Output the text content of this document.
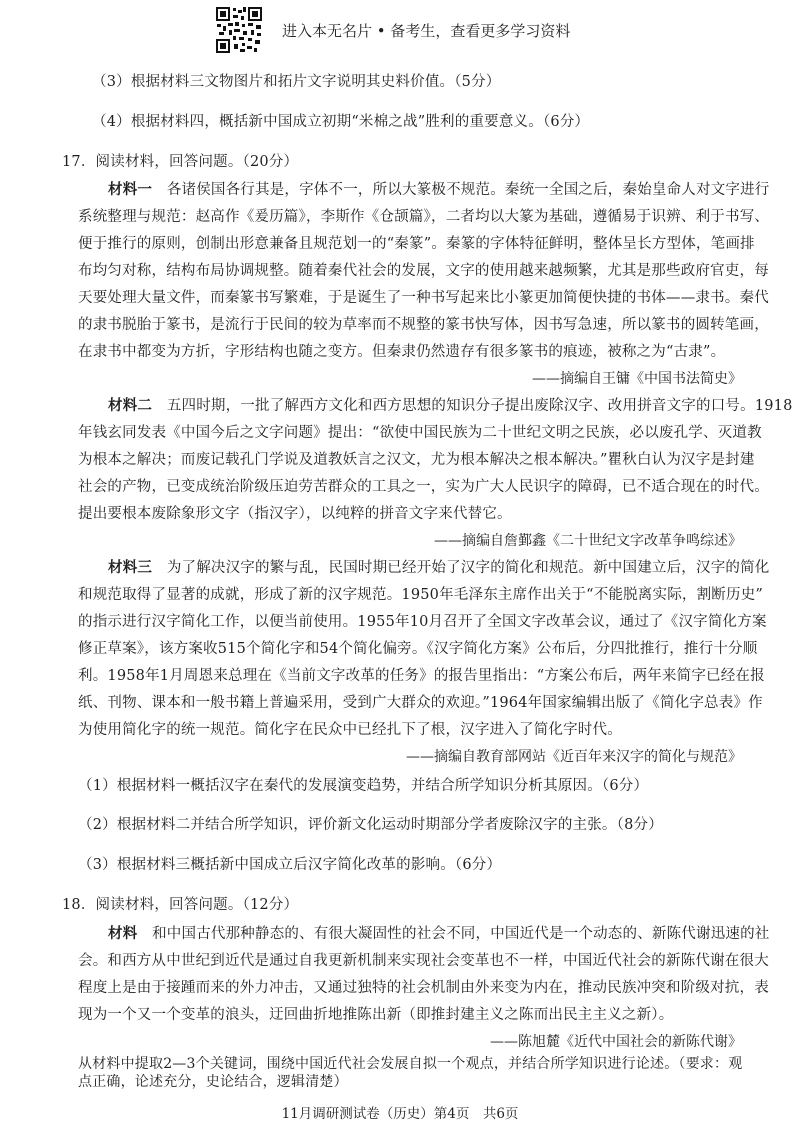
进入本无名片 • 备考生，查看更多学习资料
（3）根据材料三文物图片和拓片文字说明其史料价值。（5分）
（4）根据材料四，概括新中国成立初期“米棉之战”胜利的重要意义。（6分）
17．阅读材料，回答问题。（20分）
材料一　 各诸侯国各行其是，字体不一，所以大篆极不规范。秦统一全国之后，秦始皇命人对文字进行
系统整理与规范：赵高作《爰历篇》，李斯作《仓颉篇》，二者均以大篆为基础，遵循易于识辨、利于书写、
便于推行的原则，创制出形意兼备且规范划一的“秦篆”。秦篆的字体特征鲜明，整体呈长方型体，笔画排
布均匀对称，结构布局协调规整。随着秦代社会的发展，文字的使用越来越频繁，尤其是那些政府官吏，每
天要处理大量文件，而秦篆书写繁难，于是诞生了一种书写起来比小篆更加简便快捷的书体——隶书。秦代
的隶书脱胎于篆书，是流行于民间的较为草率而不规整的篆书快写体，因书写急速，所以篆书的圆转笔画，
在隶书中都变为方折，字形结构也随之变方。但秦隶仍然遗存有很多篆书的痕迹，被称之为“古隶”。
——摘编自王镛《中国书法简史》
材料二　 五四时期，一批了解西方文化和西方思想的知识分子提出废除汉字、改用拼音文字的口号。1918
年钱玄同发表《中国今后之文字问题》提出：“欲使中国民族为二十世纪文明之民族，必以废孔学、灭道教
为根本之解决；而废记载孔门学说及道教妖言之汉文，尤为根本解决之根本解决。”瞿秋白认为汉字是封建
社会的产物，已变成统治阶级压迫劳苦群众的工具之一，实为广大人民识字的障碍，已不适合现在的时代。
提出要根本废除象形文字（指汉字），以纯粹的拼音文字来代替它。
——摘编自詹鄞鑫《二十世纪文字改革争鸣综述》
材料三　 为了解决汉字的繁与乱，民国时期已经开始了汉字的简化和规范。新中国建立后，汉字的简化
和规范取得了显著的成就，形成了新的汉字规范。1950年毛泽东主席作出关于“不能脱离实际，割断历史”
的指示进行汉字简化工作，以便当前使用。1955年10月召开了全国文字改革会议，通过了《汉字简化方案
修正草案》，该方案收515个简化字和54个简化偏旁。《汉字简化方案》公布后，分四批推行，推行十分顺
利。1958年1月周恩来总理在《当前文字改革的任务》的报告里指出：“方案公布后，两年来简字已经在报
纸、刊物、课本和一般书籍上普遍采用，受到广大群众的欢迎。”1964年国家编辑出版了《简化字总表》作
为使用简化字的统一规范。简化字在民众中已经扎下了根，汉字进入了简化字时代。
——摘编自教育部网站《近百年来汉字的简化与规范》
（1）根据材料一概括汉字在秦代的发展演变趋势，并结合所学知识分析其原因。（6分）
（2）根据材料二并结合所学知识，评价新文化运动时期部分学者废除汉字的主张。（8分）
（3）根据材料三概括新中国成立后汉字简化改革的影响。（6分）
18．阅读材料，回答问题。（12分）
材料　 和中国古代那种静态的、有很大凝固性的社会不同，中国近代是一个动态的、新陈代谢迅速的社
会。和西方从中世纪到近代是通过自我更新机制来实现社会变革也不一样，中国近代社会的新陈代谢在很大
程度上是由于接踵而来的外力冲击，又通过独特的社会机制由外来变为内在，推动民族冲突和阶级对抗，表
现为一个又一个变革的浪头，迂回曲折地推陈出新（即推封建主义之陈而出民主主义之新）。
——陈旭麓《近代中国社会的新陈代谢》
从材料中提取2—3个关键词，围绕中国近代社会发展自拟一个观点，并结合所学知识进行论述。（要求：观
点正确，论述充分，史论结合，逻辑清楚）
11月调研测试卷（历史）第4页　共6页
